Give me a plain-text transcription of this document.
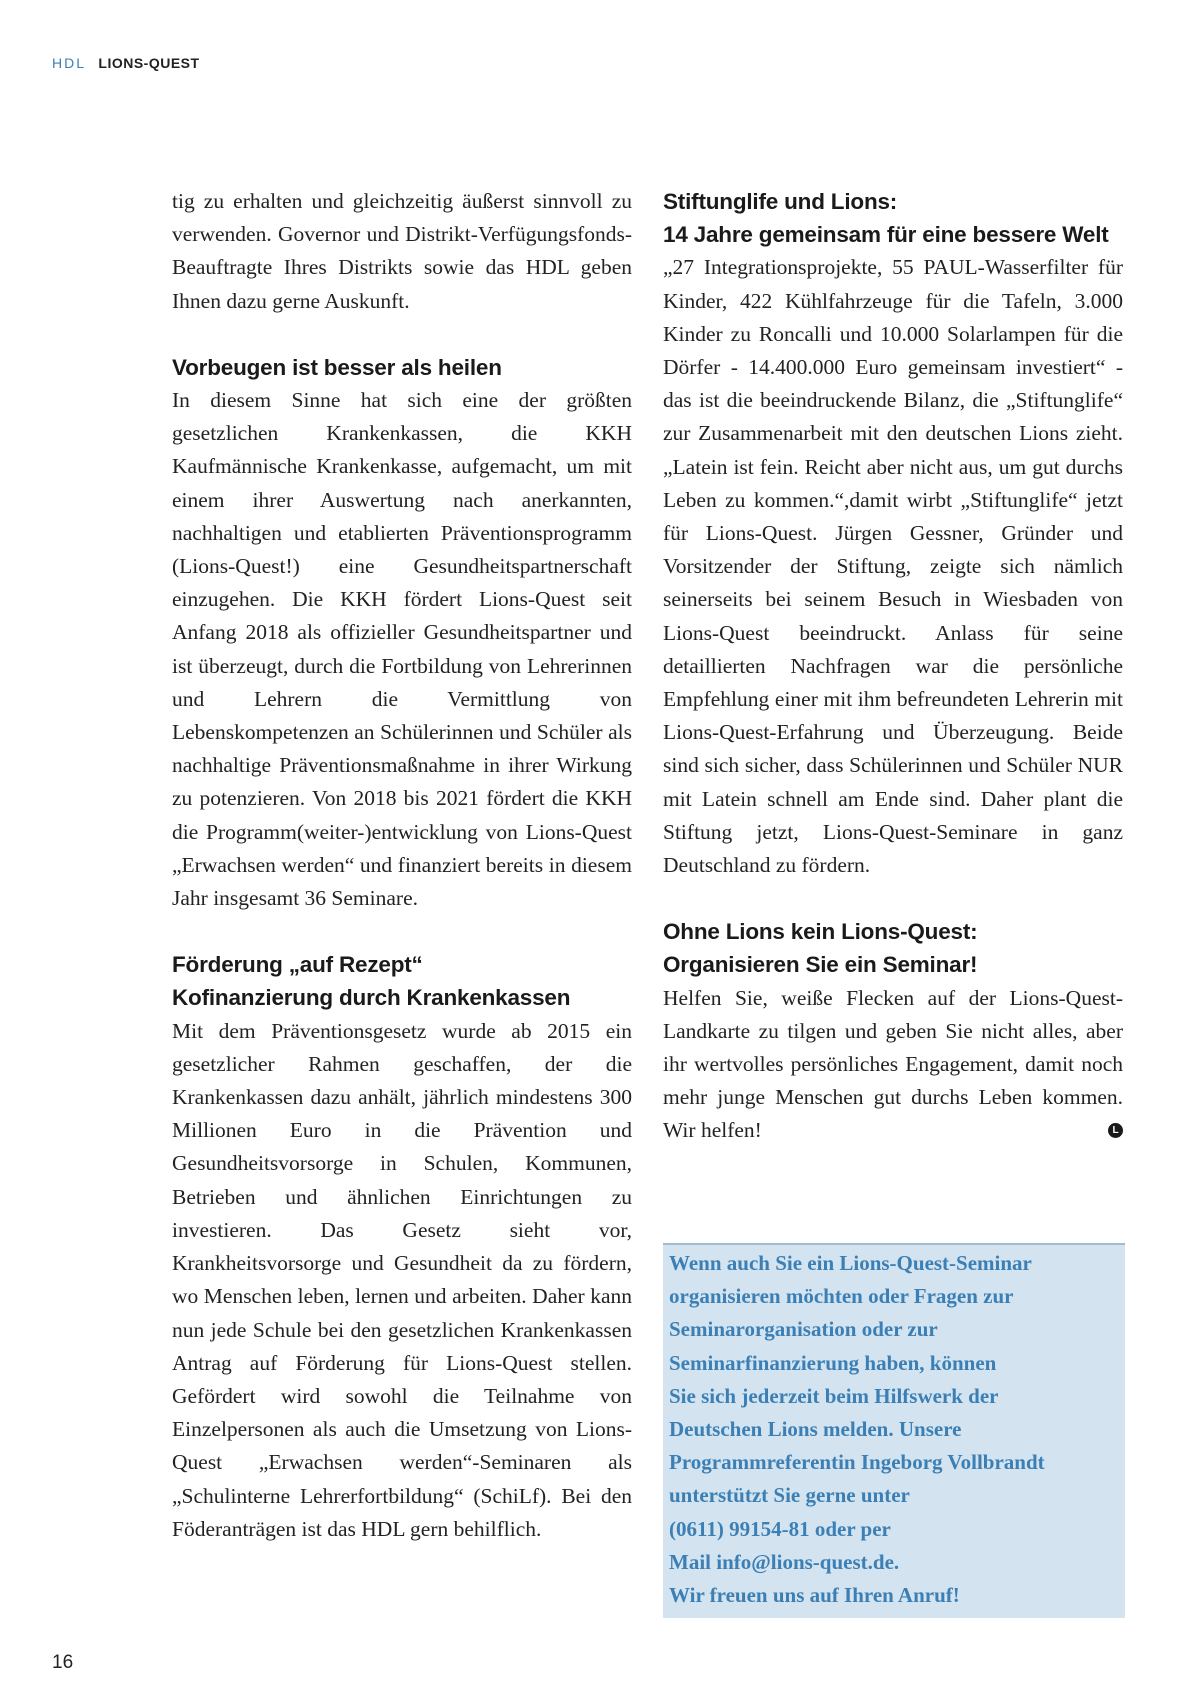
HDL LIONS-QUEST

tig zu erhalten und gleichzeitig äußerst sinnvoll zu verwenden. Governor und Distrikt-Verfügungsfonds-Beauftragte Ihres Distrikts sowie das HDL geben Ihnen dazu gerne Auskunft.

Vorbeugen ist besser als heilen

In diesem Sinne hat sich eine der größten gesetzlichen Krankenkassen, die KKH Kaufmännische Krankenkasse, aufgemacht, um mit einem ihrer Auswertung nach anerkannten, nachhaltigen und etablierten Präventionsprogramm (Lions-Quest!) eine Gesundheitspartnerschaft einzugehen. Die KKH fördert Lions-Quest seit Anfang 2018 als offizieller Gesundheitspartner und ist überzeugt, durch die Fortbildung von Lehrerinnen und Lehrern die Vermittlung von Lebenskompetenzen an Schülerinnen und Schüler als nachhaltige Präventionsmaßnahme in ihrer Wirkung zu potenzieren. Von 2018 bis 2021 fördert die KKH die Programm(weiter-)entwicklung von Lions-Quest „Erwachsen werden“ und finanziert bereits in diesem Jahr insgesamt 36 Seminare.

Förderung „auf Rezept“
Kofinanzierung durch Krankenkassen

Mit dem Präventionsgesetz wurde ab 2015 ein gesetzlicher Rahmen geschaffen, der die Krankenkassen dazu anhält, jährlich mindestens 300 Millionen Euro in die Prävention und Gesundheitsvorsorge in Schulen, Kommunen, Betrieben und ähnlichen Einrichtungen zu investieren. Das Gesetz sieht vor, Krankheitsvorsorge und Gesundheit da zu fördern, wo Menschen leben, lernen und arbeiten. Daher kann nun jede Schule bei den gesetzlichen Krankenkassen Antrag auf Förderung für Lions-Quest stellen. Gefördert wird sowohl die Teilnahme von Einzelpersonen als auch die Umsetzung von Lions-Quest „Erwachsen werden“-Seminaren als „Schulinterne Lehrerfortbildung“ (SchiLf). Bei den Föderanträgen ist das HDL gern behilflich.

Stiftunglife und Lions:
14 Jahre gemeinsam für eine bessere Welt

„27 Integrationsprojekte, 55 PAUL-Wasserfilter für Kinder, 422 Kühlfahrzeuge für die Tafeln, 3.000 Kinder zu Roncalli und 10.000 Solarlampen für die Dörfer - 14.400.000 Euro gemeinsam investiert“ - das ist die beeindruckende Bilanz, die „Stiftunglife“ zur Zusammenarbeit mit den deutschen Lions zieht. „Latein ist fein. Reicht aber nicht aus, um gut durchs Leben zu kommen.“,damit wirbt „Stiftunglife“ jetzt für Lions-Quest. Jürgen Gessner, Gründer und Vorsitzender der Stiftung, zeigte sich nämlich seinerseits bei seinem Besuch in Wiesbaden von Lions-Quest beeindruckt. Anlass für seine detaillierten Nachfragen war die persönliche Empfehlung einer mit ihm befreundeten Lehrerin mit Lions-Quest-Erfahrung und Überzeugung. Beide sind sich sicher, dass Schülerinnen und Schüler NUR mit Latein schnell am Ende sind. Daher plant die Stiftung jetzt, Lions-Quest-Seminare in ganz Deutschland zu fördern.

Ohne Lions kein Lions-Quest:
Organisieren Sie ein Seminar!

Helfen Sie, weiße Flecken auf der Lions-Quest-Landkarte zu tilgen und geben Sie nicht alles, aber ihr wertvolles persönliches Engagement, damit noch mehr junge Menschen gut durchs Leben kommen. Wir helfen!	L

Wenn auch Sie ein Lions-Quest-Seminar
organisieren möchten oder Fragen zur
Seminarorganisation oder zur
Seminarfinanzierung haben, können
Sie sich jederzeit beim Hilfswerk der
Deutschen Lions melden. Unsere
Programmreferentin Ingeborg Vollbrandt
unterstützt Sie gerne unter
(0611) 99154-81 oder per
Mail info@lions-quest.de.
Wir freuen uns auf Ihren Anruf!
16
